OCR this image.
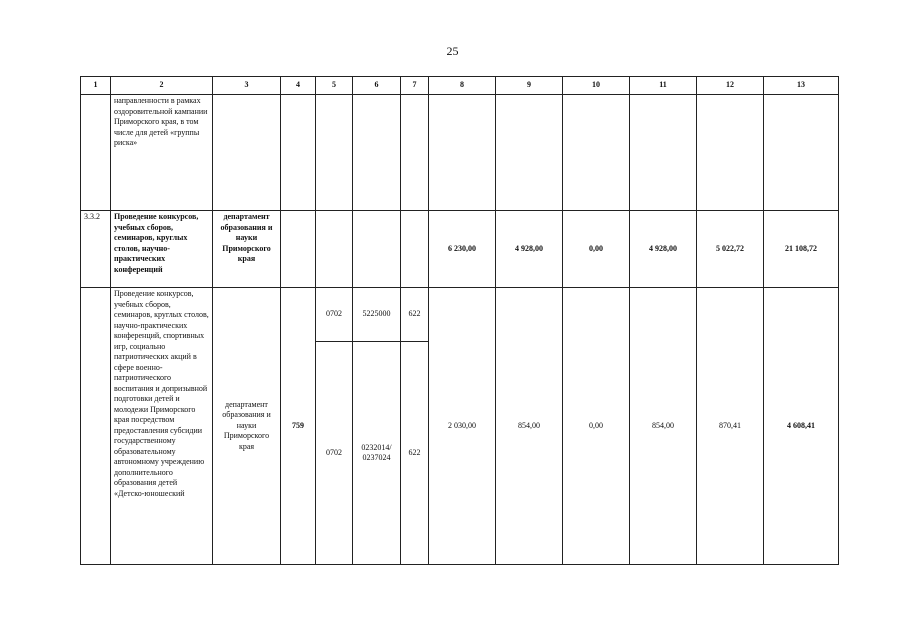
25
1	2	3	4	5	6	7	8	9	10	11	12	13
	направленности в рамках оздоровительной кампании Приморского края, в том числе для детей «группы риска»											
3.3.2	Проведение конкурсов, учебных сборов, семинаров, круглых столов, научно-практических конференций	департамент образования и науки Приморского края					6 230,00	4 928,00	0,00	4 928,00	5 022,72	21 108,72
	Проведение конкурсов, учебных сборов, семинаров, круглых столов, научно-практических конференций, спортивных игр, социально патриотических акций в сфере военно-патриотического воспитания и допризывной подготовки детей и молодежи Приморского края посредством предоставления субсидии государственному образовательному автономному учреждению дополнительного образования детей «Детско-юношеский	департамент образования и науки Приморского края	759	0702	5225000	622	2 030,00	854,00	0,00	854,00	870,41	4 608,41
				0702	0232014/ 0237024	622						
